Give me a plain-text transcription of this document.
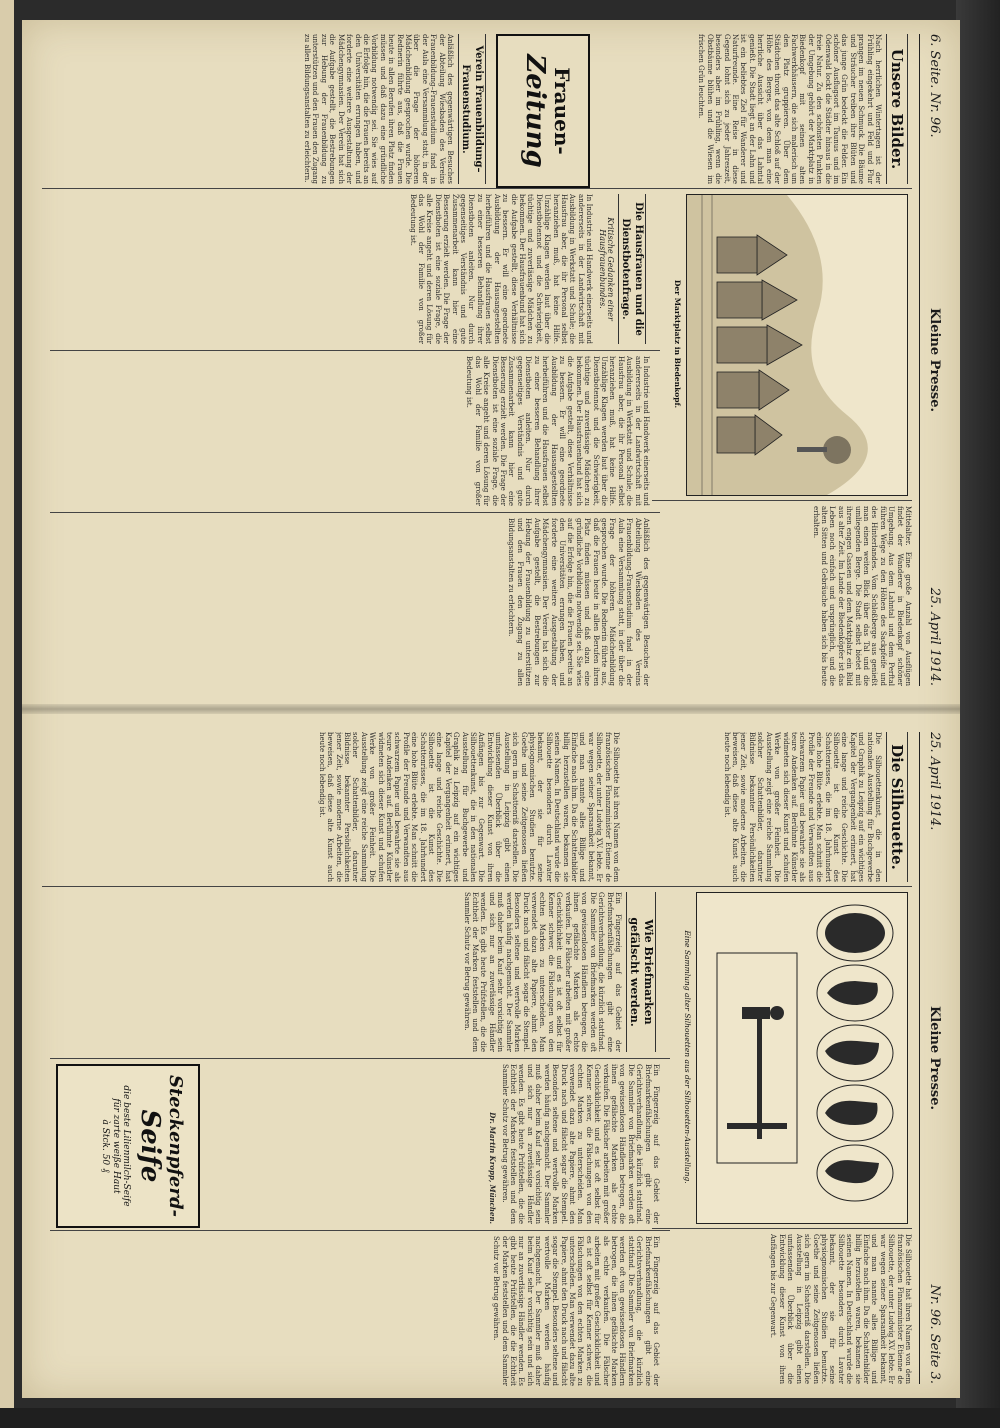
6. Seite. Nr. 96.
Kleine Presse.
25. April 1914.
Unsere Bilder.
Nach herrlichen Wintertagen ist der Frühling eingekehrt und Feld und Flur prangen im neuen Schmuck. Die Bäume und Sträucher treiben ihre Blüten und das junge Grün bedeckt die Felder. Ein schöner Ausflugsort im Taunus und im Odenwald lockt die Städter hinaus in die freie Natur. Zu den schönsten Punkten der Umgebung gehört der Marktplatz in Biedenkopf mit seinen alten Fachwerkhäusern, die sich malerisch um den Platz gruppieren. Über dem Städtchen thront das alte Schloß auf der Höhe des Berges, von dem man eine herrliche Aussicht über das Lahntal genießt. Die Stadt liegt an der Lahn und ist ein beliebtes Ziel für Wanderer und Naturfreunde. Eine Reise in diese Gegend lohnt sich zu jeder Jahreszeit, besonders aber im Frühling, wenn die Obstbäume blühen und die Wiesen im frischen Grün leuchten.
Der Marktplatz in Biedenkopf.
Mittelalter. Eine große Anzahl von Ausflügen findet der Wanderer in Biedenkopf schöner Umgebung. Aus dem Lahntal und dem Perftal führen Wege zu den Höhen des Sackpfeife und des Hinterlandes. Vom Schloßberge aus genießt man einen weiten Blick über das Tal und die umliegenden Berge. Die Stadt selbst bietet mit ihren engen Gassen und dem Marktplatz ein Bild aus alter Zeit. Im Lande der Biedenköpfer ist das Leben noch einfach und ursprünglich, und die alten Sitten und Gebräuche haben sich bis heute erhalten.
Frauen-
Zeitung
Verein Frauenbildung–Frauenstudium.
Anläßlich des gegenwärtigen Besuches der Abteilung Wiesbaden des Vereins Frauenbildung–Frauenstudium fand in der Aula eine Versammlung statt, in der über die Frage der höheren Mädchenbildung gesprochen wurde. Die Rednerin führte aus, daß die Frauen heute in allen Berufen ihren Platz finden müssen und daß dazu eine gründliche Vorbildung notwendig sei. Sie wies auf die Erfolge hin, die die Frauen bereits an den Universitäten errungen haben, und forderte eine weitere Ausgestaltung der Mädchengymnasien. Der Verein hat sich die Aufgabe gestellt, die Bestrebungen zur Hebung der Frauenbildung zu unterstützen und den Frauen den Zugang zu allen Bildungsanstalten zu erleichtern.
Die Hausfrauen und die Dienstbotenfrage.
Kritische Gedanken einer Hausfrauenbundes.
In Industrie und Handwerk einerseits und andererseits in der Landwirtschaft mit Ausbildung in Werkstatt und Schule; die Hausfrau aber, die ihr Personal selbst heranziehen muß, hat keine Hilfe. Unzählige Klagen werden laut über die Dienstbotennot und die Schwierigkeit, tüchtige und zuverlässige Mädchen zu bekommen. Der Hausfrauenbund hat sich die Aufgabe gestellt, diese Verhältnisse zu bessern. Er will eine geordnete Ausbildung der Hausangestellten herbeiführen und die Hausfrauen selbst zu einer besseren Behandlung ihrer Dienstboten anleiten. Nur durch gegenseitiges Verständnis und gute Zusammenarbeit kann hier eine Besserung erzielt werden. Die Frage der Dienstboten ist eine soziale Frage, die alle Kreise angeht und deren Lösung für das Wohl der Familie von großer Bedeutung ist.
In Industrie und Handwerk einerseits und andererseits in der Landwirtschaft mit Ausbildung in Werkstatt und Schule; die Hausfrau aber, die ihr Personal selbst heranziehen muß, hat keine Hilfe. Unzählige Klagen werden laut über die Dienstbotennot und die Schwierigkeit, tüchtige und zuverlässige Mädchen zu bekommen. Der Hausfrauenbund hat sich die Aufgabe gestellt, diese Verhältnisse zu bessern. Er will eine geordnete Ausbildung der Hausangestellten herbeiführen und die Hausfrauen selbst zu einer besseren Behandlung ihrer Dienstboten anleiten. Nur durch gegenseitiges Verständnis und gute Zusammenarbeit kann hier eine Besserung erzielt werden. Die Frage der Dienstboten ist eine soziale Frage, die alle Kreise angeht und deren Lösung für das Wohl der Familie von großer Bedeutung ist.
Anläßlich des gegenwärtigen Besuches der Abteilung Wiesbaden des Vereins Frauenbildung–Frauenstudium fand in der Aula eine Versammlung statt, in der über die Frage der höheren Mädchenbildung gesprochen wurde. Die Rednerin führte aus, daß die Frauen heute in allen Berufen ihren Platz finden müssen und daß dazu eine gründliche Vorbildung notwendig sei. Sie wies auf die Erfolge hin, die die Frauen bereits an den Universitäten errungen haben, und forderte eine weitere Ausgestaltung der Mädchengymnasien. Der Verein hat sich die Aufgabe gestellt, die Bestrebungen zur Hebung der Frauenbildung zu unterstützen und den Frauen den Zugang zu allen Bildungsanstalten zu erleichtern.
25. April 1914.
Kleine Presse.
Nr. 96. Seite 3.
Die Silhouette.
Die Silhouettenkunst, die in den nationalen Ausstellung für Buchgewerbe und Graphik zu Leipzig auf ein wichtiges Kapitel der Vergangenheit erinnert, hat eine lange und reiche Geschichte. Die Silhouette ist die Kunst des Schattenrisses, die im 18. Jahrhundert eine hohe Blüte erlebte. Man schnitt die Profile der Freunde und Verwandten aus schwarzem Papier und bewahrte sie als teure Andenken auf. Berühmte Künstler widmeten sich dieser Kunst und schufen Werke von großer Feinheit. Die Ausstellung zeigt eine reiche Sammlung solcher Schattenbilder, darunter Bildnisse bekannter Persönlichkeiten jener Zeit, sowie moderne Arbeiten, die beweisen, daß diese alte Kunst auch heute noch lebendig ist.
Eine Sammlung alter Silhouetten aus der Silhouetten-Ausstellung.
Die Silhouette hat ihren Namen von dem französischen Finanzminister Etienne de Silhouette, der unter Ludwig XV. lebte. Er war wegen seiner Sparsamkeit bekannt, und man nannte alles Billige und Einfache nach ihm. Da die Schattenbilder billig herzustellen waren, bekamen sie seinen Namen. In Deutschland wurde die Silhouette besonders durch Lavater bekannt, der sie für seine physiognomischen Studien benutzte. Goethe und seine Zeitgenossen ließen sich gern im Schattenriß darstellen. Die Ausstellung in Leipzig gibt einen umfassenden Überblick über die Entwicklung dieser Kunst von ihren Anfängen bis zur Gegenwart.
Die Silhouette hat ihren Namen von dem französischen Finanzminister Etienne de Silhouette, der unter Ludwig XV. lebte. Er war wegen seiner Sparsamkeit bekannt, und man nannte alles Billige und Einfache nach ihm. Da die Schattenbilder billig herzustellen waren, bekamen sie seinen Namen. In Deutschland wurde die Silhouette besonders durch Lavater bekannt, der sie für seine physiognomischen Studien benutzte. Goethe und seine Zeitgenossen ließen sich gern im Schattenriß darstellen. Die Ausstellung in Leipzig gibt einen umfassenden Überblick über die Entwicklung dieser Kunst von ihren Anfängen bis zur Gegenwart. Die Silhouettenkunst, die in den nationalen Ausstellung für Buchgewerbe und Graphik zu Leipzig auf ein wichtiges Kapitel der Vergangenheit erinnert, hat eine lange und reiche Geschichte. Die Silhouette ist die Kunst des Schattenrisses, die im 18. Jahrhundert eine hohe Blüte erlebte. Man schnitt die Profile der Freunde und Verwandten aus schwarzem Papier und bewahrte sie als teure Andenken auf. Berühmte Künstler widmeten sich dieser Kunst und schufen Werke von großer Feinheit. Die Ausstellung zeigt eine reiche Sammlung solcher Schattenbilder, darunter Bildnisse bekannter Persönlichkeiten jener Zeit, sowie moderne Arbeiten, die beweisen, daß diese alte Kunst auch heute noch lebendig ist.
Wie Briefmarken gefälscht werden.
Ein Fingerzeig auf das Gebiet der Briefmarkenfälschungen gibt eine Gerichtsverhandlung, die kürzlich stattfand. Die Sammler von Briefmarken werden oft von gewissenlosen Händlern betrogen, die ihnen gefälschte Marken als echte verkaufen. Die Fälscher arbeiten mit großer Geschicklichkeit und es ist oft selbst für Kenner schwer, die Fälschungen von den echten Marken zu unterscheiden. Man verwendet dazu alte Papiere, ahmt den Druck nach und fälscht sogar die Stempel. Besonders seltene und wertvolle Marken werden häufig nachgemacht. Der Sammler muß daher beim Kauf sehr vorsichtig sein und sich nur an zuverlässige Händler wenden. Es gibt heute Prüfstellen, die die Echtheit der Marken feststellen und dem Sammler Schutz vor Betrug gewähren.
Ein Fingerzeig auf das Gebiet der Briefmarkenfälschungen gibt eine Gerichtsverhandlung, die kürzlich stattfand. Die Sammler von Briefmarken werden oft von gewissenlosen Händlern betrogen, die ihnen gefälschte Marken als echte verkaufen. Die Fälscher arbeiten mit großer Geschicklichkeit und es ist oft selbst für Kenner schwer, die Fälschungen von den echten Marken zu unterscheiden. Man verwendet dazu alte Papiere, ahmt den Druck nach und fälscht sogar die Stempel. Besonders seltene und wertvolle Marken werden häufig nachgemacht. Der Sammler muß daher beim Kauf sehr vorsichtig sein und sich nur an zuverlässige Händler wenden. Es gibt heute Prüfstellen, die die Echtheit der Marken feststellen und dem Sammler Schutz vor Betrug gewähren.
Dr. Martin Kropp, München.
Steckenpferd-
Seife
die beste Lilienmilch-Seife
für zarte weiße Haut
à Stck. 50 ₰
Ein Fingerzeig auf das Gebiet der Briefmarkenfälschungen gibt eine Gerichtsverhandlung, die kürzlich stattfand. Die Sammler von Briefmarken werden oft von gewissenlosen Händlern betrogen, die ihnen gefälschte Marken als echte verkaufen. Die Fälscher arbeiten mit großer Geschicklichkeit und es ist oft selbst für Kenner schwer, die Fälschungen von den echten Marken zu unterscheiden. Man verwendet dazu alte Papiere, ahmt den Druck nach und fälscht sogar die Stempel. Besonders seltene und wertvolle Marken werden häufig nachgemacht. Der Sammler muß daher beim Kauf sehr vorsichtig sein und sich nur an zuverlässige Händler wenden. Es gibt heute Prüfstellen, die die Echtheit der Marken feststellen und dem Sammler Schutz vor Betrug gewähren.
